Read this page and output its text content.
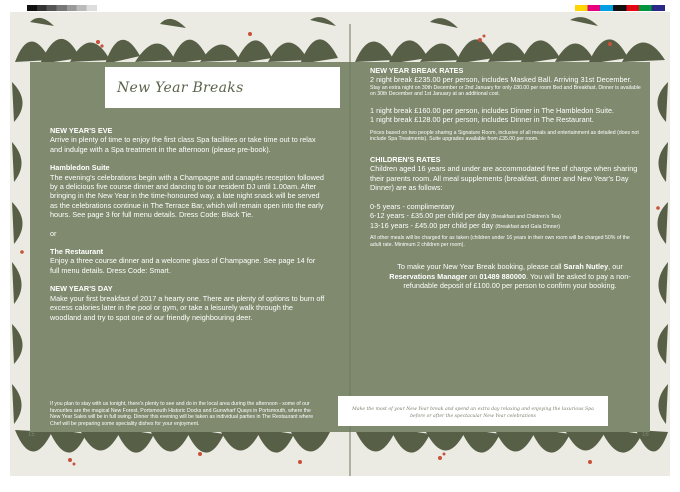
New Year Breaks

NEW YEAR'S EVE

Arrive in plenty of time to enjoy the first class Spa facilities or take time out to relax and indulge with a Spa treatment in the afternoon (please pre-book).

Hambledon Suite

The evening's celebrations begin with a Champagne and canapés reception followed by a delicious five course dinner and dancing to our resident DJ until 1.00am. After bringing in the New Year in the time-honoured way, a late night snack will be served as the celebrations continue in The Terrace Bar, which will remain open into the early hours. See page 3 for full menu details. Dress Code: Black Tie.

or

The Restaurant

Enjoy a three course dinner and a welcome glass of Champagne. See page 14 for full menu details. Dress Code: Smart.

NEW YEAR'S DAY

Make your first breakfast of 2017 a hearty one. There are plenty of options to burn off excess calories later in the pool or gym, or take a leisurely walk through the woodland and try to spot one of our friendly neighbouring deer.

If you plan to stay with us tonight, there's plenty to see and do in the local area during the afternoon - some of our favourites are the magical New Forest, Portsmouth Historic Docks and Gunwharf Quays in Portsmouth, where the New Year Sales will be in full swing. Dinner this evening will be taken as individual parties in The Restaurant where Chef will be preparing some speciality dishes for your enjoyment.
15

NEW YEAR BREAK RATES

2 night break £235.00 per person, includes Masked Ball. Arriving 31st December.

Stay an extra night on 30th December or 2nd January for only £80.00 per room Bed and Breakfast. Dinner is available on 30th December and 1st January at an additional cost.

1 night break £160.00 per person, includes Dinner in The Hambledon Suite.

1 night break £128.00 per person, includes Dinner in The Restaurant.

Prices based on two people sharing a Signature Room, inclusive of all meals and entertainment as detailed (does not include Spa Treatments). Suite upgrades available from £35.00 per room.

CHILDREN'S RATES

Children aged 16 years and under are accommodated free of charge when sharing their parents room. All meal supplements (breakfast, dinner and New Year's Day Dinner) are as follows:

0-5 years - complimentary

6-12 years - £35.00 per child per day (Breakfast and Children's Tea)

13-16 years - £45.00 per child per day (Breakfast and Gala Dinner)

All other meals will be charged for as taken (children under 16 years in their own room will be charged 50% of the adult rate. Minimum 2 children per room).

To make your New Year Break booking, please call Sarah Nutley, our Reservations Manager on 01489 880000. You will be asked to pay a non-refundable deposit of £100.00 per person to confirm your booking.

Make the most of your New Year break and spend an extra day relaxing and enjoying the luxurious Spa before or after the spectacular New Year celebrations
16
